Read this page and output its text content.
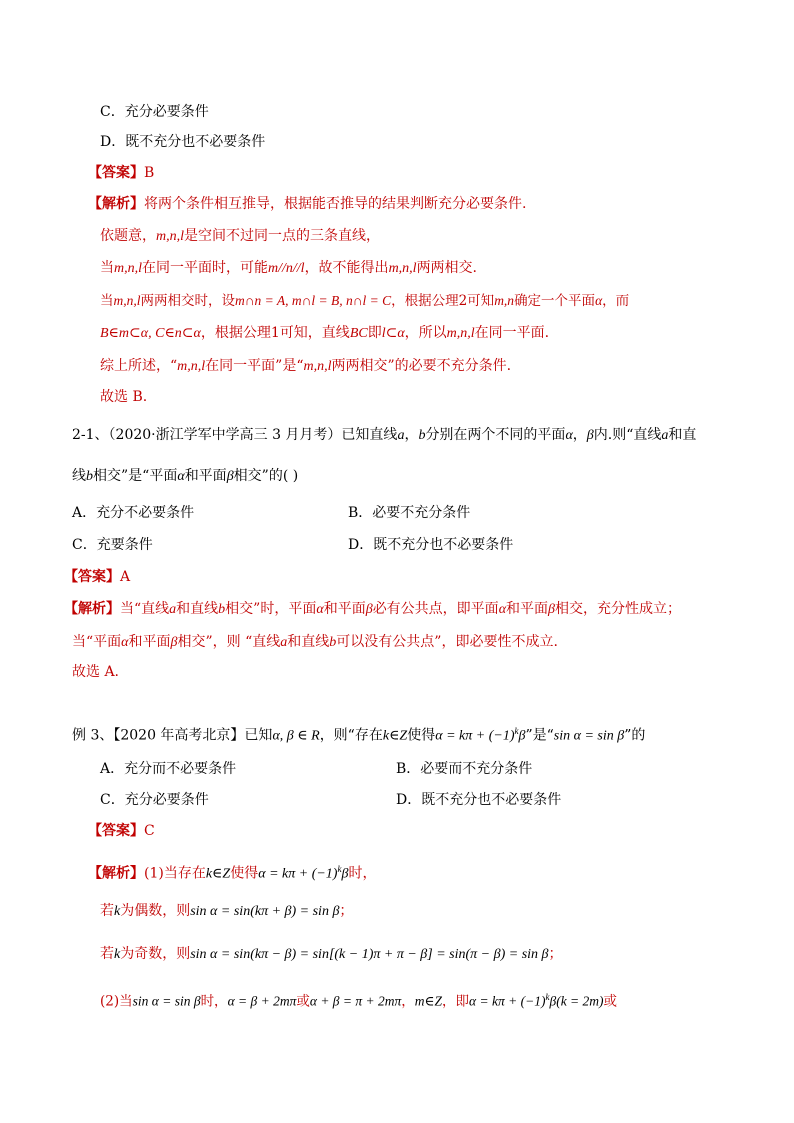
C．充分必要条件
D．既不充分也不必要条件
【答案】B
【解析】将两个条件相互推导，根据能否推导的结果判断充分必要条件.
依题意，m,n,l是空间不过同一点的三条直线，
当m,n,l在同一平面时，可能m//n//l，故不能得出m,n,l两两相交.
当m,n,l两两相交时，设m∩n = A, m∩l = B, n∩l = C，根据公理2可知m,n确定一个平面α，而
B∈m⊂α, C∈n⊂α，根据公理1可知，直线BC即l⊂α，所以m,n,l在同一平面.
综上所述，“m,n,l在同一平面”是“m,n,l两两相交”的必要不充分条件.
故选 B.
2-1、（2020·浙江学军中学高三 3 月月考）已知直线a，b分别在两个不同的平面α，β内.则“直线a和直
线b相交”是“平面α和平面β相交”的( )
A．充分不必要条件	B．必要不充分条件
C．充要条件	D．既不充分也不必要条件
【答案】A
【解析】当“直线a和直线b相交”时，平面α和平面β必有公共点，即平面α和平面β相交，充分性成立；
当“平面α和平面β相交”，则 “直线a和直线b可以没有公共点”，即必要性不成立.
故选 A.
例 3、【2020 年高考北京】已知α, β ∈ R，则“存在k∈Z使得$\alpha = k\pi + (-1)^k\beta$”是“sin α = sin β”的
A．充分而不必要条件	B．必要而不充分条件
C．充分必要条件	D．既不充分也不必要条件
【答案】C
【解析】(1)当存在k∈Z使得$\alpha = k\pi + (-1)^k\beta$时，
若k为偶数，则sin α = sin(kπ + β) = sin β；
若k为奇数，则sin α = sin(kπ − β) = sin[(k − 1)π + π − β] = sin(π − β) = sin β；
(2)当sin α = sin β时，α = β + 2mπ或α + β = π + 2mπ，m∈Z，即$\alpha = k\pi + (-1)^k\beta(k = 2m)$或
